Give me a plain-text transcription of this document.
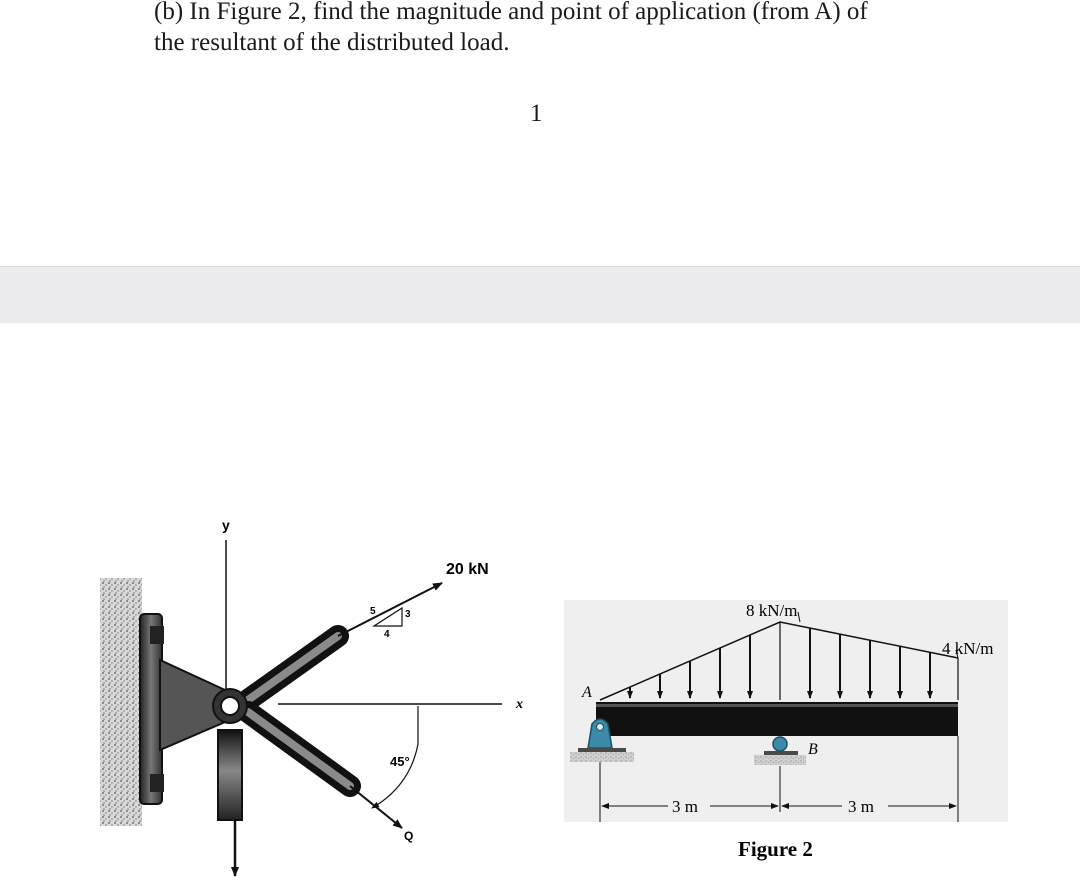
(b) In Figure 2, find the magnitude and point of application (from A) of
the resultant of the distributed load.
1
y
x
20 kN
5	3
4
Q
45°
8 kN/m
4 kN/m
A
B
3 m	3 m
Figure 2
